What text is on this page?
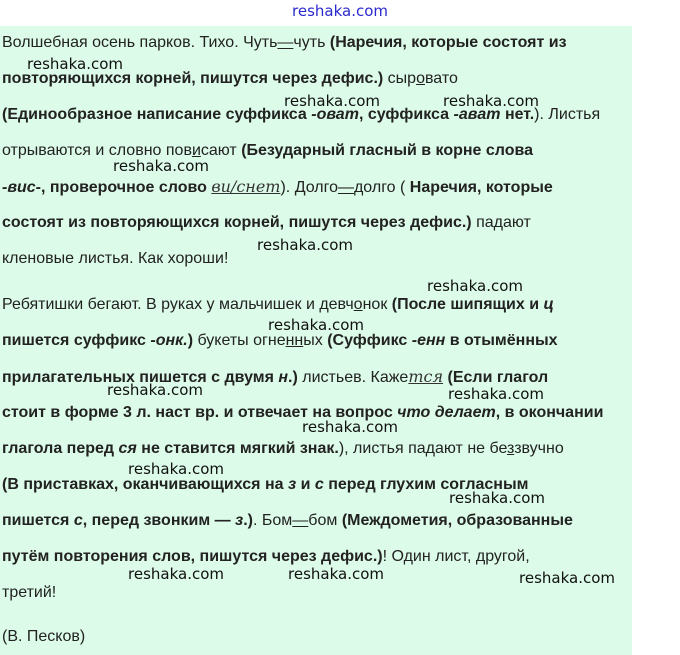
reshaka.com
Волшебная осень парков. Тихо. Чуть—чуть (Наречия, которые состоят из
повторяющихся корней, пишутся через дефис.) сыровато
(Единообразное написание суффикса -оват, суффикса -aвaт нет.). Листья
отрываются и словно повисают (Безударный гласный в корне слова
-вис-, проверочное слово ви/снет). Долго—долго ( Наречия, которые
состоят из повторяющихся корней, пишутся через дефис.) падают
кленовые листья. Как хороши!
Ребятишки бегают. В руках у мальчишек и девчонок (После шипящих и ц
пишется суффикс -онк.) букеты огненных (Суффикс -енн в отымённых
прилагательных пишется с двумя н.) листьев. Кажется (Если глагол
стоит в форме 3 л. наст вр. и отвечает на вопрос что делает, в окончании
глагола перед ся не ставится мягкий знак.), листья падают не беззвучно
(В приставках, оканчивающихся на з и с перед глухим согласным
пишется с, перед звонким — з.). Бом—бом (Междометия, образованные
путём повторения слов, пишутся через дефис.)! Один лист, другой,
третий!
(В. Песков)
reshaka.com
reshaka.com	reshaka.com
reshaka.com
reshaka.com
reshaka.com
reshaka.com
reshaka.com	reshaka.com
reshaka.com
reshaka.com
reshaka.com
reshaka.com	reshaka.com	reshaka.com
